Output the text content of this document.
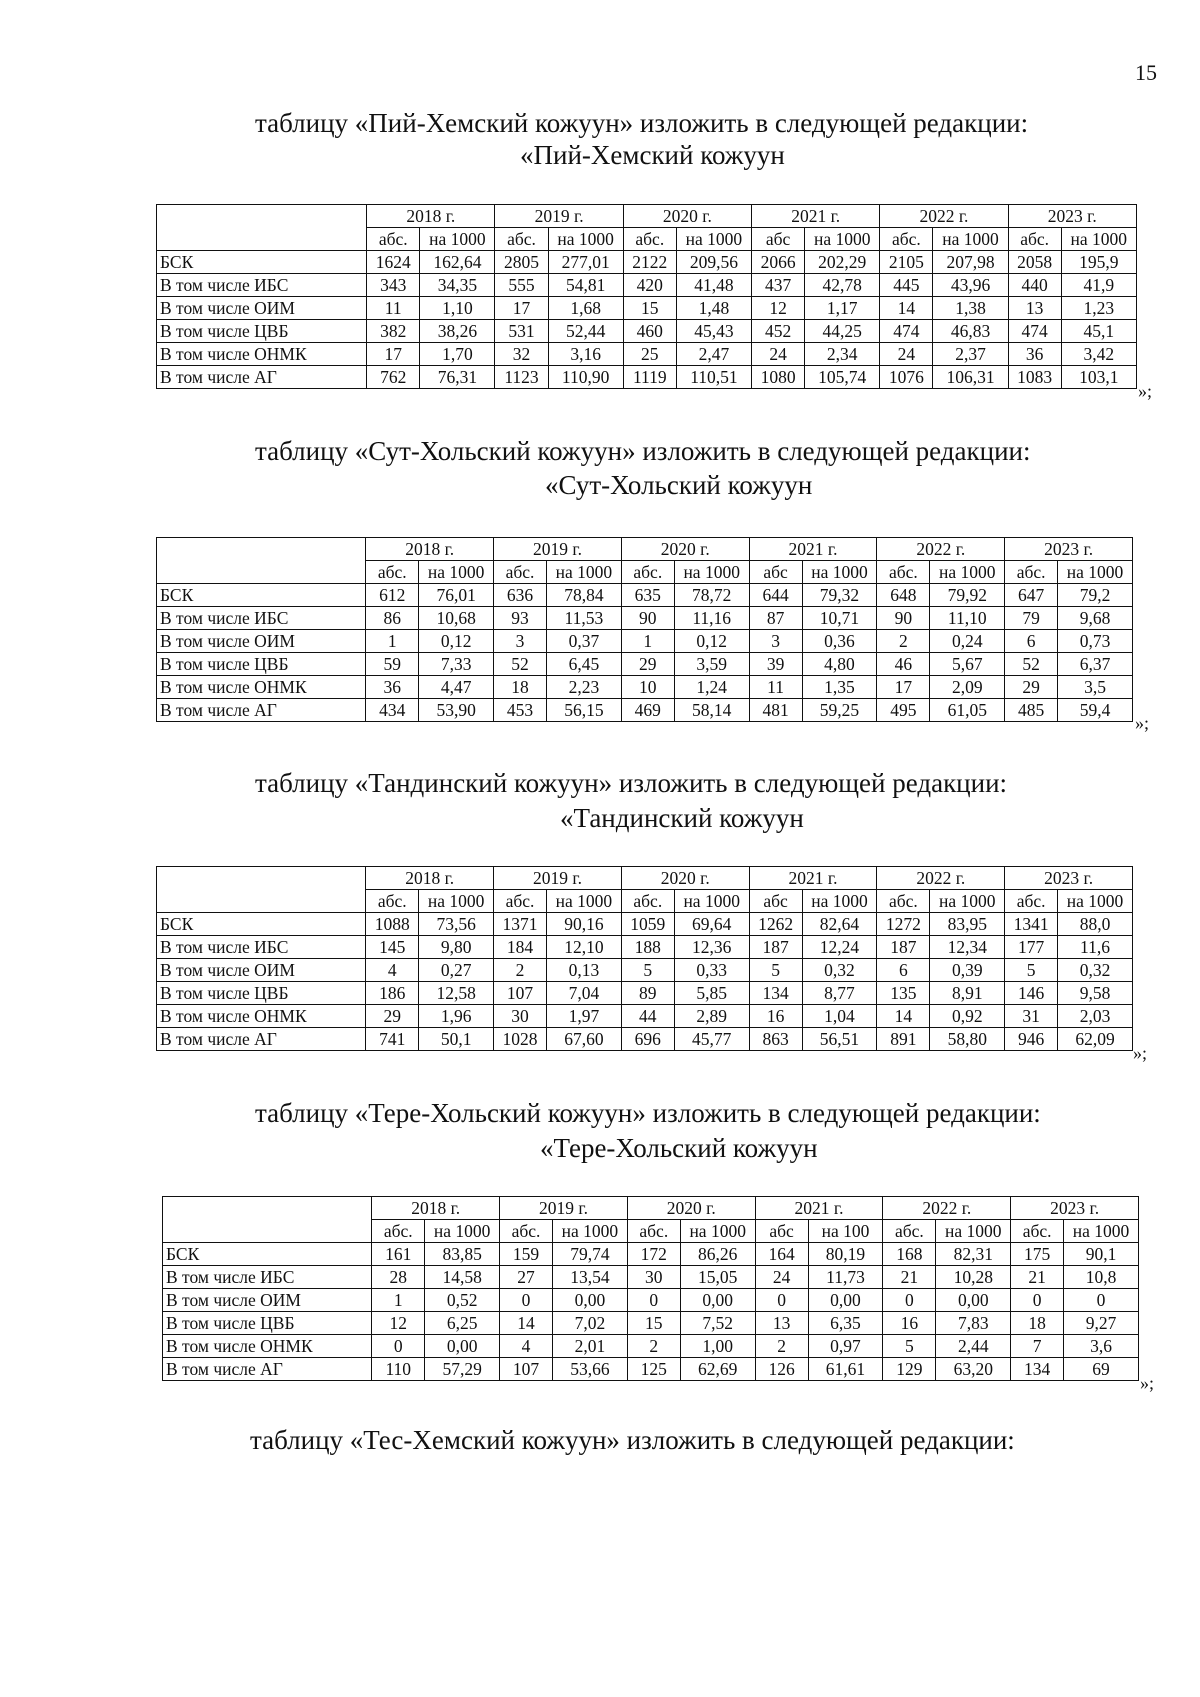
15
таблицу «Пий-Хемский кожуун» изложить в следующей редакции:
«Пий-Хемский кожуун
	2018 г.		2019 г.		2020 г.		2021 г.		2022 г.		2023 г.	
	абс.	на 1000	абс.	на 1000	абс.	на 1000	абс	на 1000	абс.	на 1000	абс.	на 1000
БСК	1624	162,64	2805	277,01	2122	209,56	2066	202,29	2105	207,98	2058	195,9
В том числе ИБС	343	34,35	555	54,81	420	41,48	437	42,78	445	43,96	440	41,9
В том числе ОИМ	11	1,10	17	1,68	15	1,48	12	1,17	14	1,38	13	1,23
В том числе ЦВБ	382	38,26	531	52,44	460	45,43	452	44,25	474	46,83	474	45,1
В том числе ОНМК	17	1,70	32	3,16	25	2,47	24	2,34	24	2,37	36	3,42
В том числе АГ	762	76,31	1123	110,90	1119	110,51	1080	105,74	1076	106,31	1083	103,1
»;
таблицу «Сут-Хольский кожуун» изложить в следующей редакции:
«Сут-Хольский кожуун
	2018 г.		2019 г.		2020 г.		2021 г.		2022 г.		2023 г.	
	абс.	на 1000	абс.	на 1000	абс.	на 1000	абс	на 1000	абс.	на 1000	абс.	на 1000
БСК	612	76,01	636	78,84	635	78,72	644	79,32	648	79,92	647	79,2
В том числе ИБС	86	10,68	93	11,53	90	11,16	87	10,71	90	11,10	79	9,68
В том числе ОИМ	1	0,12	3	0,37	1	0,12	3	0,36	2	0,24	6	0,73
В том числе ЦВБ	59	7,33	52	6,45	29	3,59	39	4,80	46	5,67	52	6,37
В том числе ОНМК	36	4,47	18	2,23	10	1,24	11	1,35	17	2,09	29	3,5
В том числе АГ	434	53,90	453	56,15	469	58,14	481	59,25	495	61,05	485	59,4
»;
таблицу «Тандинский кожуун» изложить в следующей редакции:
«Тандинский кожуун
	2018 г.		2019 г.		2020 г.		2021 г.		2022 г.		2023 г.	
	абс.	на 1000	абс.	на 1000	абс.	на 1000	абс	на 1000	абс.	на 1000	абс.	на 1000
БСК	1088	73,56	1371	90,16	1059	69,64	1262	82,64	1272	83,95	1341	88,0
В том числе ИБС	145	9,80	184	12,10	188	12,36	187	12,24	187	12,34	177	11,6
В том числе ОИМ	4	0,27	2	0,13	5	0,33	5	0,32	6	0,39	5	0,32
В том числе ЦВБ	186	12,58	107	7,04	89	5,85	134	8,77	135	8,91	146	9,58
В том числе ОНМК	29	1,96	30	1,97	44	2,89	16	1,04	14	0,92	31	2,03
В том числе АГ	741	50,1	1028	67,60	696	45,77	863	56,51	891	58,80	946	62,09
»;
таблицу «Тере-Хольский кожуун» изложить в следующей редакции:
«Тере-Хольский кожуун
	2018 г.		2019 г.		2020 г.		2021 г.		2022 г.		2023 г.	
	абс.	на 1000	абс.	на 1000	абс.	на 1000	абс	на 100	абс.	на 1000	абс.	на 1000
БСК	161	83,85	159	79,74	172	86,26	164	80,19	168	82,31	175	90,1
В том числе ИБС	28	14,58	27	13,54	30	15,05	24	11,73	21	10,28	21	10,8
В том числе ОИМ	1	0,52	0	0,00	0	0,00	0	0,00	0	0,00	0	0
В том числе ЦВБ	12	6,25	14	7,02	15	7,52	13	6,35	16	7,83	18	9,27
В том числе ОНМК	0	0,00	4	2,01	2	1,00	2	0,97	5	2,44	7	3,6
В том числе АГ	110	57,29	107	53,66	125	62,69	126	61,61	129	63,20	134	69
»;
таблицу «Тес-Хемский кожуун» изложить в следующей редакции:
